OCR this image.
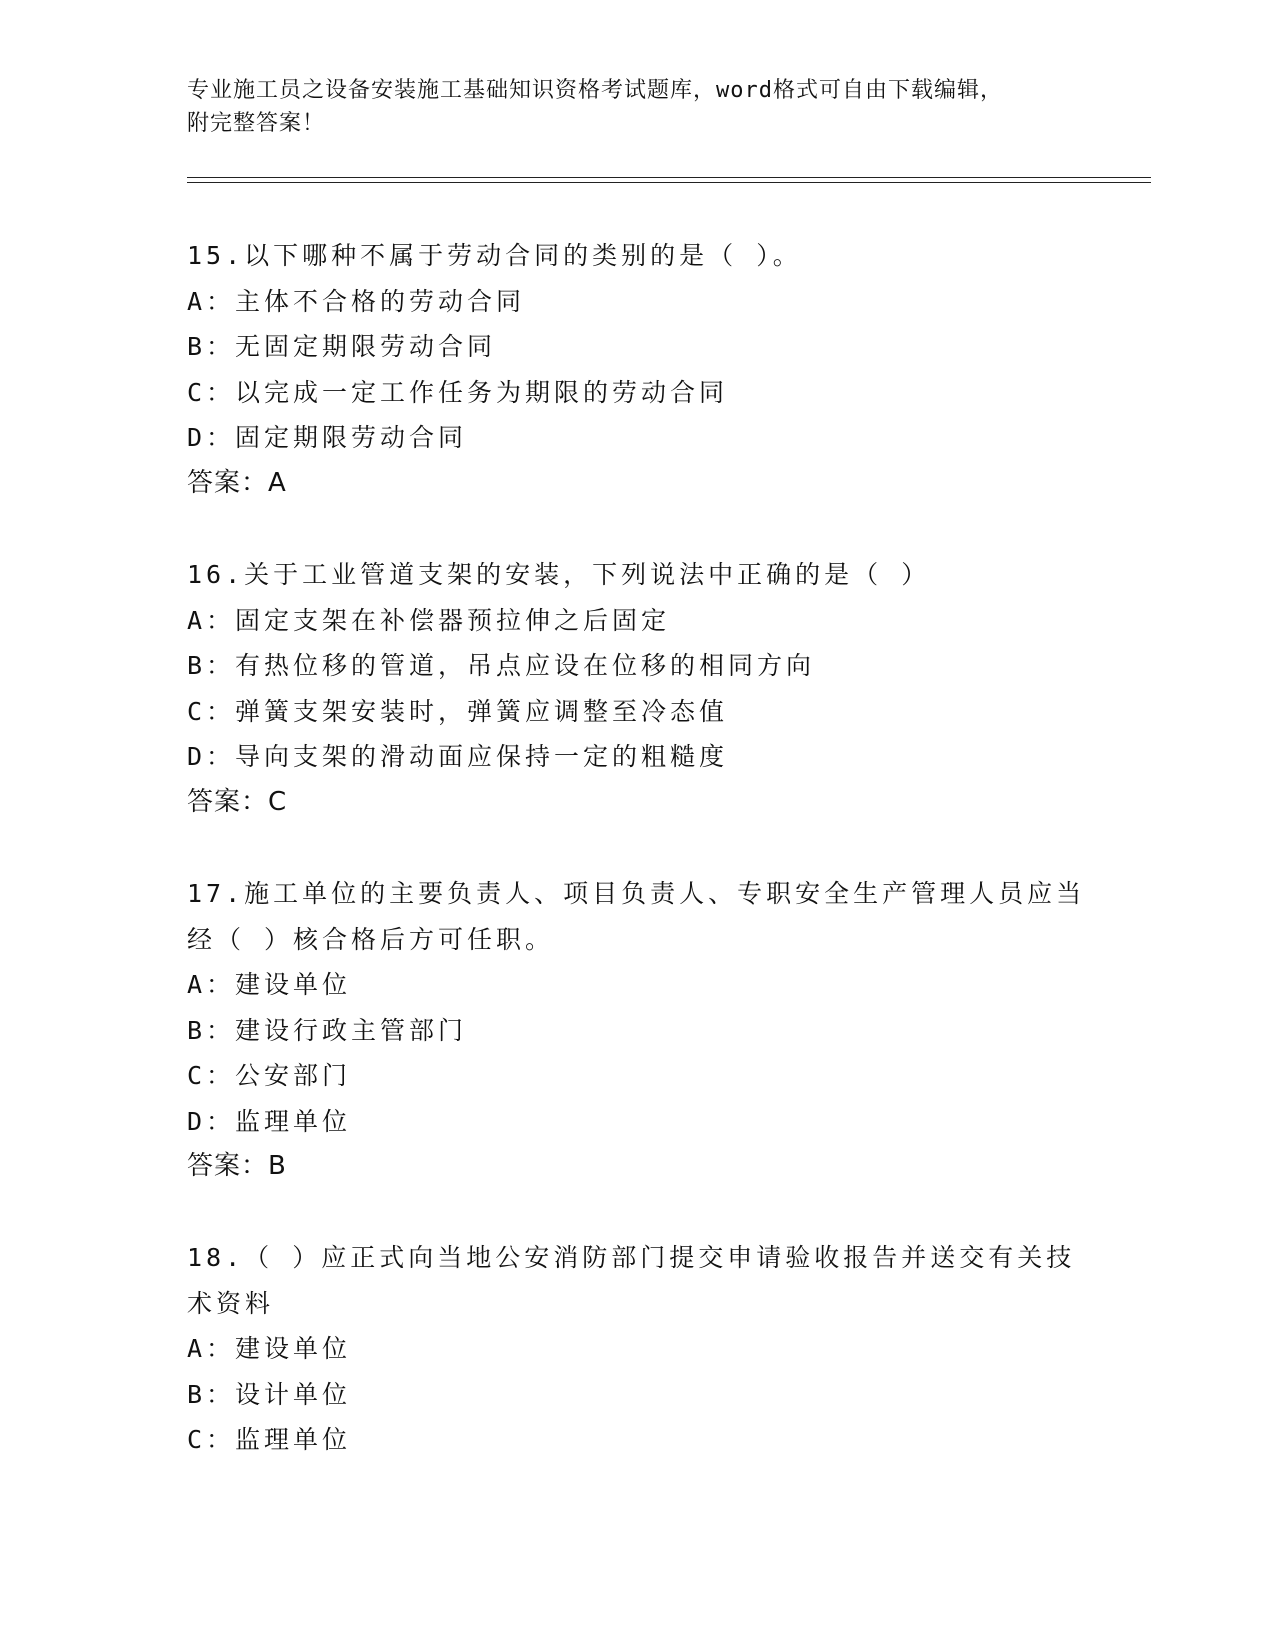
专业施工员之设备安装施工基础知识资格考试题库，word格式可自由下载编辑，
附完整答案！
15.以下哪种不属于劳动合同的类别的是（ ）。
A：主体不合格的劳动合同
B：无固定期限劳动合同
C：以完成一定工作任务为期限的劳动合同
D：固定期限劳动合同
答案：A
16.关于工业管道支架的安装，下列说法中正确的是（ ）
A：固定支架在补偿器预拉伸之后固定
B：有热位移的管道，吊点应设在位移的相同方向
C：弹簧支架安装时，弹簧应调整至冷态值
D：导向支架的滑动面应保持一定的粗糙度
答案：C
17.施工单位的主要负责人、项目负责人、专职安全生产管理人员应当
经（ ）核合格后方可任职。
A：建设单位
B：建设行政主管部门
C：公安部门
D：监理单位
答案：B
18.（ ）应正式向当地公安消防部门提交申请验收报告并送交有关技
术资料
A：建设单位
B：设计单位
C：监理单位
